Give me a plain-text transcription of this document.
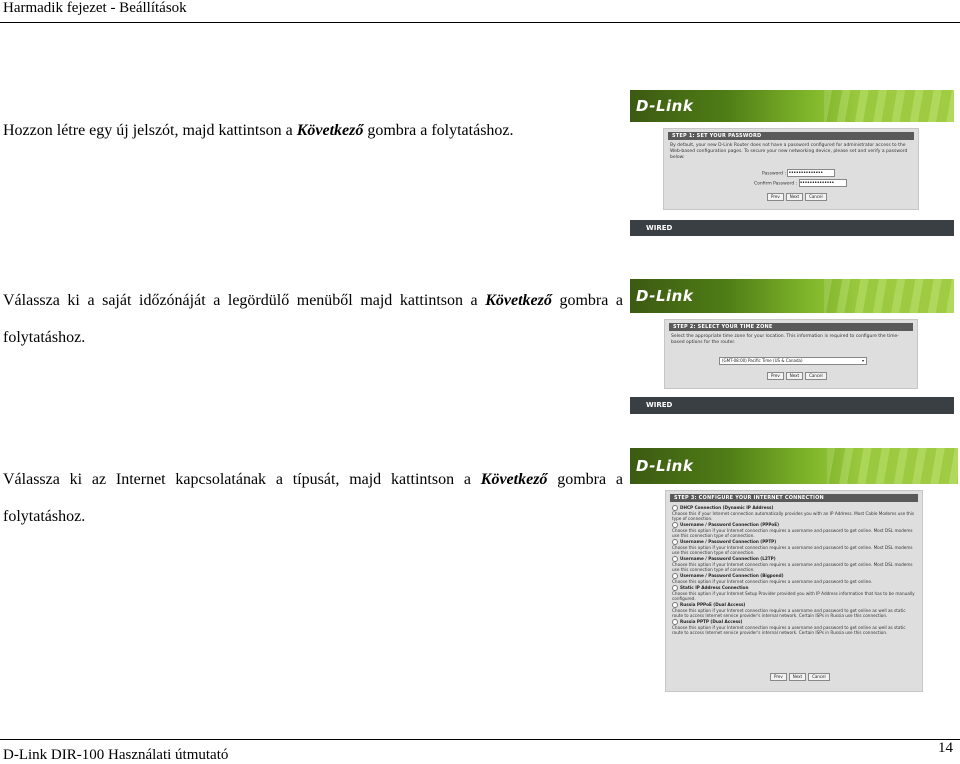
Harmadik fejezet - Beállítások
Hozzon létre egy új jelszót, majd kattintson a Következő gombra a folytatáshoz.
Válassza ki a saját időzónáját a legördülő menüből majd kattintson a Következő gombra a folytatáshoz.
Válassza ki az Internet kapcsolatának a típusát, majd kattintson a Következő gombra a folytatáshoz.
D-Link
STEP 1: SET YOUR PASSWORD
By default, your new D-Link Router does not have a password configured for administrator access to the Web-based configuration pages. To secure your new networking device, please set and verify a password below:
Password : ••••••••••••••
Confirm Password : ••••••••••••••
Prev	Next	Cancel
WIRED
D-Link
STEP 2: SELECT YOUR TIME ZONE
Select the appropriate time zone for your location. This information is required to configure the time-based options for the router.
(GMT-08:00) Pacific Time (US & Canada)	▾
Prev	Next	Cancel
WIRED
D-Link
STEP 3: CONFIGURE YOUR INTERNET CONNECTION
DHCP Connection (Dynamic IP Address)
Choose this if your Internet connection automatically provides you with an IP Address. Most Cable Modems use this type of connection.
Username / Password Connection (PPPoE)
Choose this option if your Internet connection requires a username and password to get online. Most DSL modems use this connection type of connection.
Username / Password Connection (PPTP)
Choose this option if your Internet connection requires a username and password to get online. Most DSL modems use this connection type of connection.
Username / Password Connection (L2TP)
Choose this option if your Internet connection requires a username and password to get online. Most DSL modems use this connection type of connection.
Username / Password Connection (Bigpond)
Choose this option if your Internet connection requires a username and password to get online.
Static IP Address Connection
Choose this option if your Internet Setup Provider provided you with IP Address information that has to be manually configured.
Russia PPPoE (Dual Access)
Choose this option if your Internet connection requires a username and password to get online as well as static route to access Internet service provider's internal network. Certain ISPs in Russia use this connection.
Russia PPTP (Dual Access)
Choose this option if your Internet connection requires a username and password to get online as well as static route to access Internet service provider's internal network. Certain ISPs in Russia use this connection.
Prev	Next	Cancel
D-Link DIR-100 Használati útmutató	14
